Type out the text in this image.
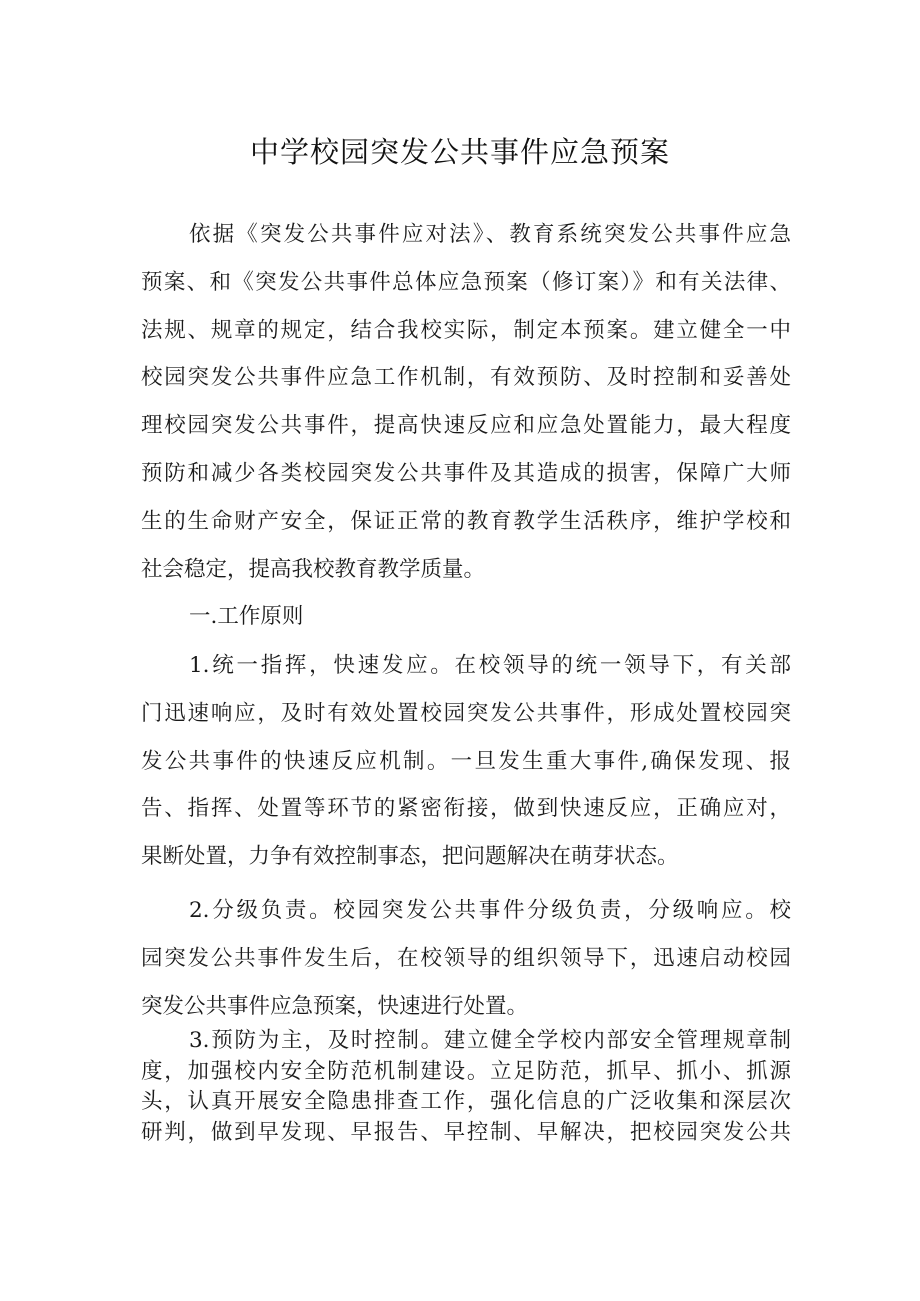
中学校园突发公共事件应急预案
依据《突发公共事件应对法》、教育系统突发公共事件应急
预案、和《突发公共事件总体应急预案（修订案）》和有关法律、
法规、规章的规定，结合我校实际，制定本预案。建立健全一中
校园突发公共事件应急工作机制，有效预防、及时控制和妥善处
理校园突发公共事件，提高快速反应和应急处置能力，最大程度
预防和减少各类校园突发公共事件及其造成的损害，保障广大师
生的生命财产安全，保证正常的教育教学生活秩序，维护学校和
社会稳定，提高我校教育教学质量。
一.工作原则
1.统一指挥，快速发应。在校领导的统一领导下，有关部
门迅速响应，及时有效处置校园突发公共事件，形成处置校园突
发公共事件的快速反应机制。一旦发生重大事件,确保发现、报
告、指挥、处置等环节的紧密衔接，做到快速反应，正确应对，
果断处置，力争有效控制事态，把问题解决在萌芽状态。
2.分级负责。校园突发公共事件分级负责，分级响应。校
园突发公共事件发生后，在校领导的组织领导下，迅速启动校园
突发公共事件应急预案，快速进行处置。
3.预防为主，及时控制。建立健全学校内部安全管理规章制
度，加强校内安全防范机制建设。立足防范，抓早、抓小、抓源
头，认真开展安全隐患排查工作，强化信息的广泛收集和深层次
研判，做到早发现、早报告、早控制、早解决，把校园突发公共
